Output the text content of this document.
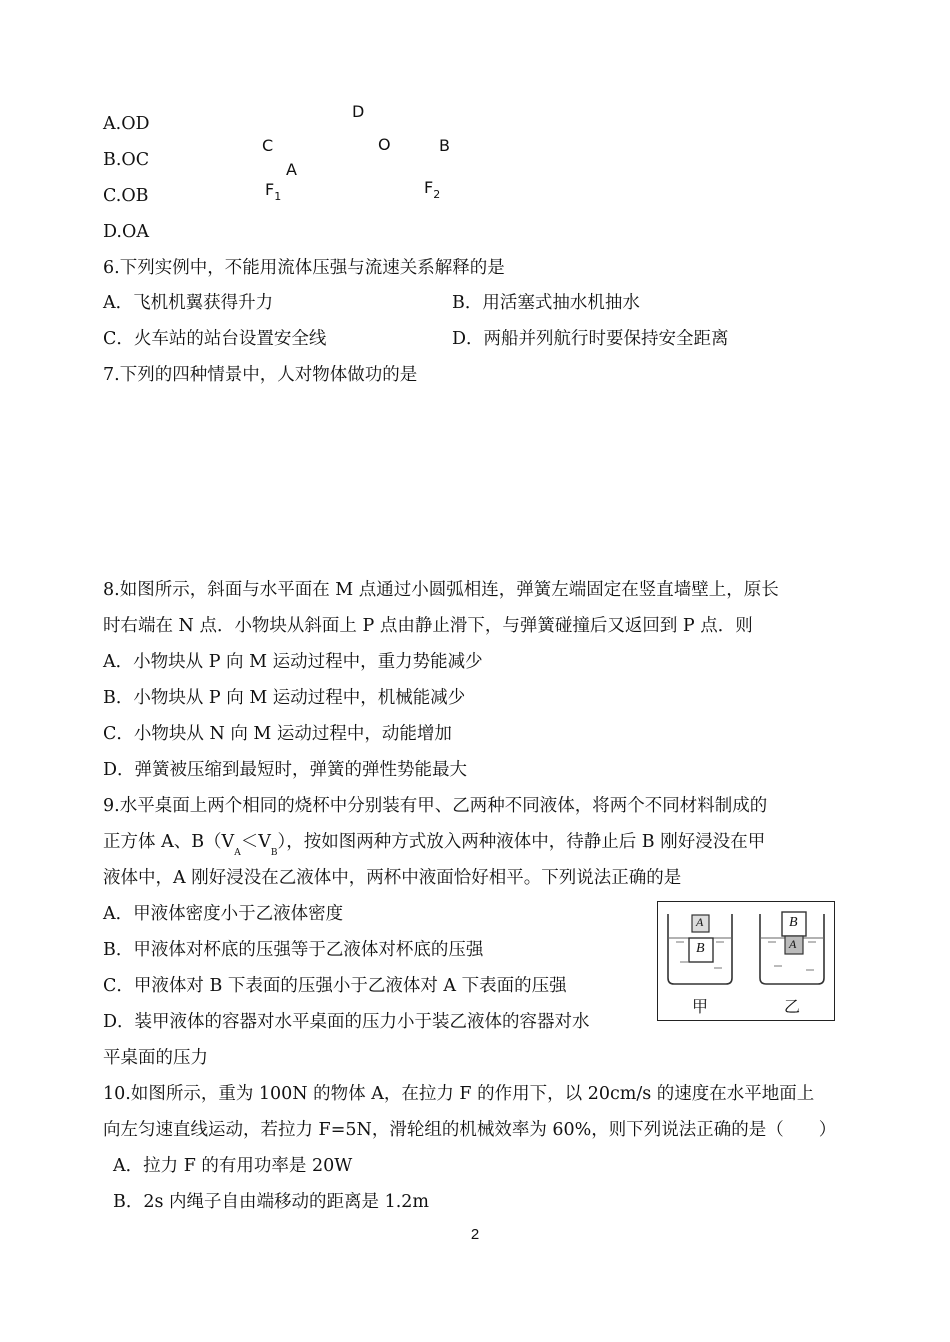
A.OD
B.OC
C.OB
D.OA
D
C	O	B
A
$F_1$	$F_2$
6.下列实例中，不能用流体压强与流速关系解释的是
A．飞机机翼获得升力	B．用活塞式抽水机抽水
C．火车站的站台设置安全线	D．两船并列航行时要保持安全距离
7.下列的四种情景中，人对物体做功的是
8.如图所示，斜面与水平面在 M 点通过小圆弧相连，弹簧左端固定在竖直墙壁上，原长
时右端在 N 点．小物块从斜面上 P 点由静止滑下，与弹簧碰撞后又返回到 P 点．则
A．小物块从 P 向 M 运动过程中，重力势能减少
B．小物块从 P 向 M 运动过程中，机械能减少
C．小物块从 N 向 M 运动过程中，动能增加
D．弹簧被压缩到最短时，弹簧的弹性势能最大
9.水平桌面上两个相同的烧杯中分别装有甲、乙两种不同液体，将两个不同材料制成的
正方体 A、$B(V_A<V_B)$，按如图两种方式放入两种液体中，待静止后 B 刚好浸没在甲
液体中，A 刚好浸没在乙液体中，两杯中液面恰好相平。下列说法正确的是
A．甲液体密度小于乙液体密度
B．甲液体对杯底的压强等于乙液体对杯底的压强
C．甲液体对 B 下表面的压强小于乙液体对 A 下表面的压强
D．装甲液体的容器对水平桌面的压力小于装乙液体的容器对水
平桌面的压力
A
B
B
A
甲	乙
10.如图所示，重为 100N 的物体 A，在拉力 F 的作用下，以 20cm/s 的速度在水平地面上
向左匀速直线运动，若拉力 F=5N，滑轮组的机械效率为 60%，则下列说法正确的是（　　）
A．拉力 F 的有用功率是 20W
B．2s 内绳子自由端移动的距离是 1.2m
2
